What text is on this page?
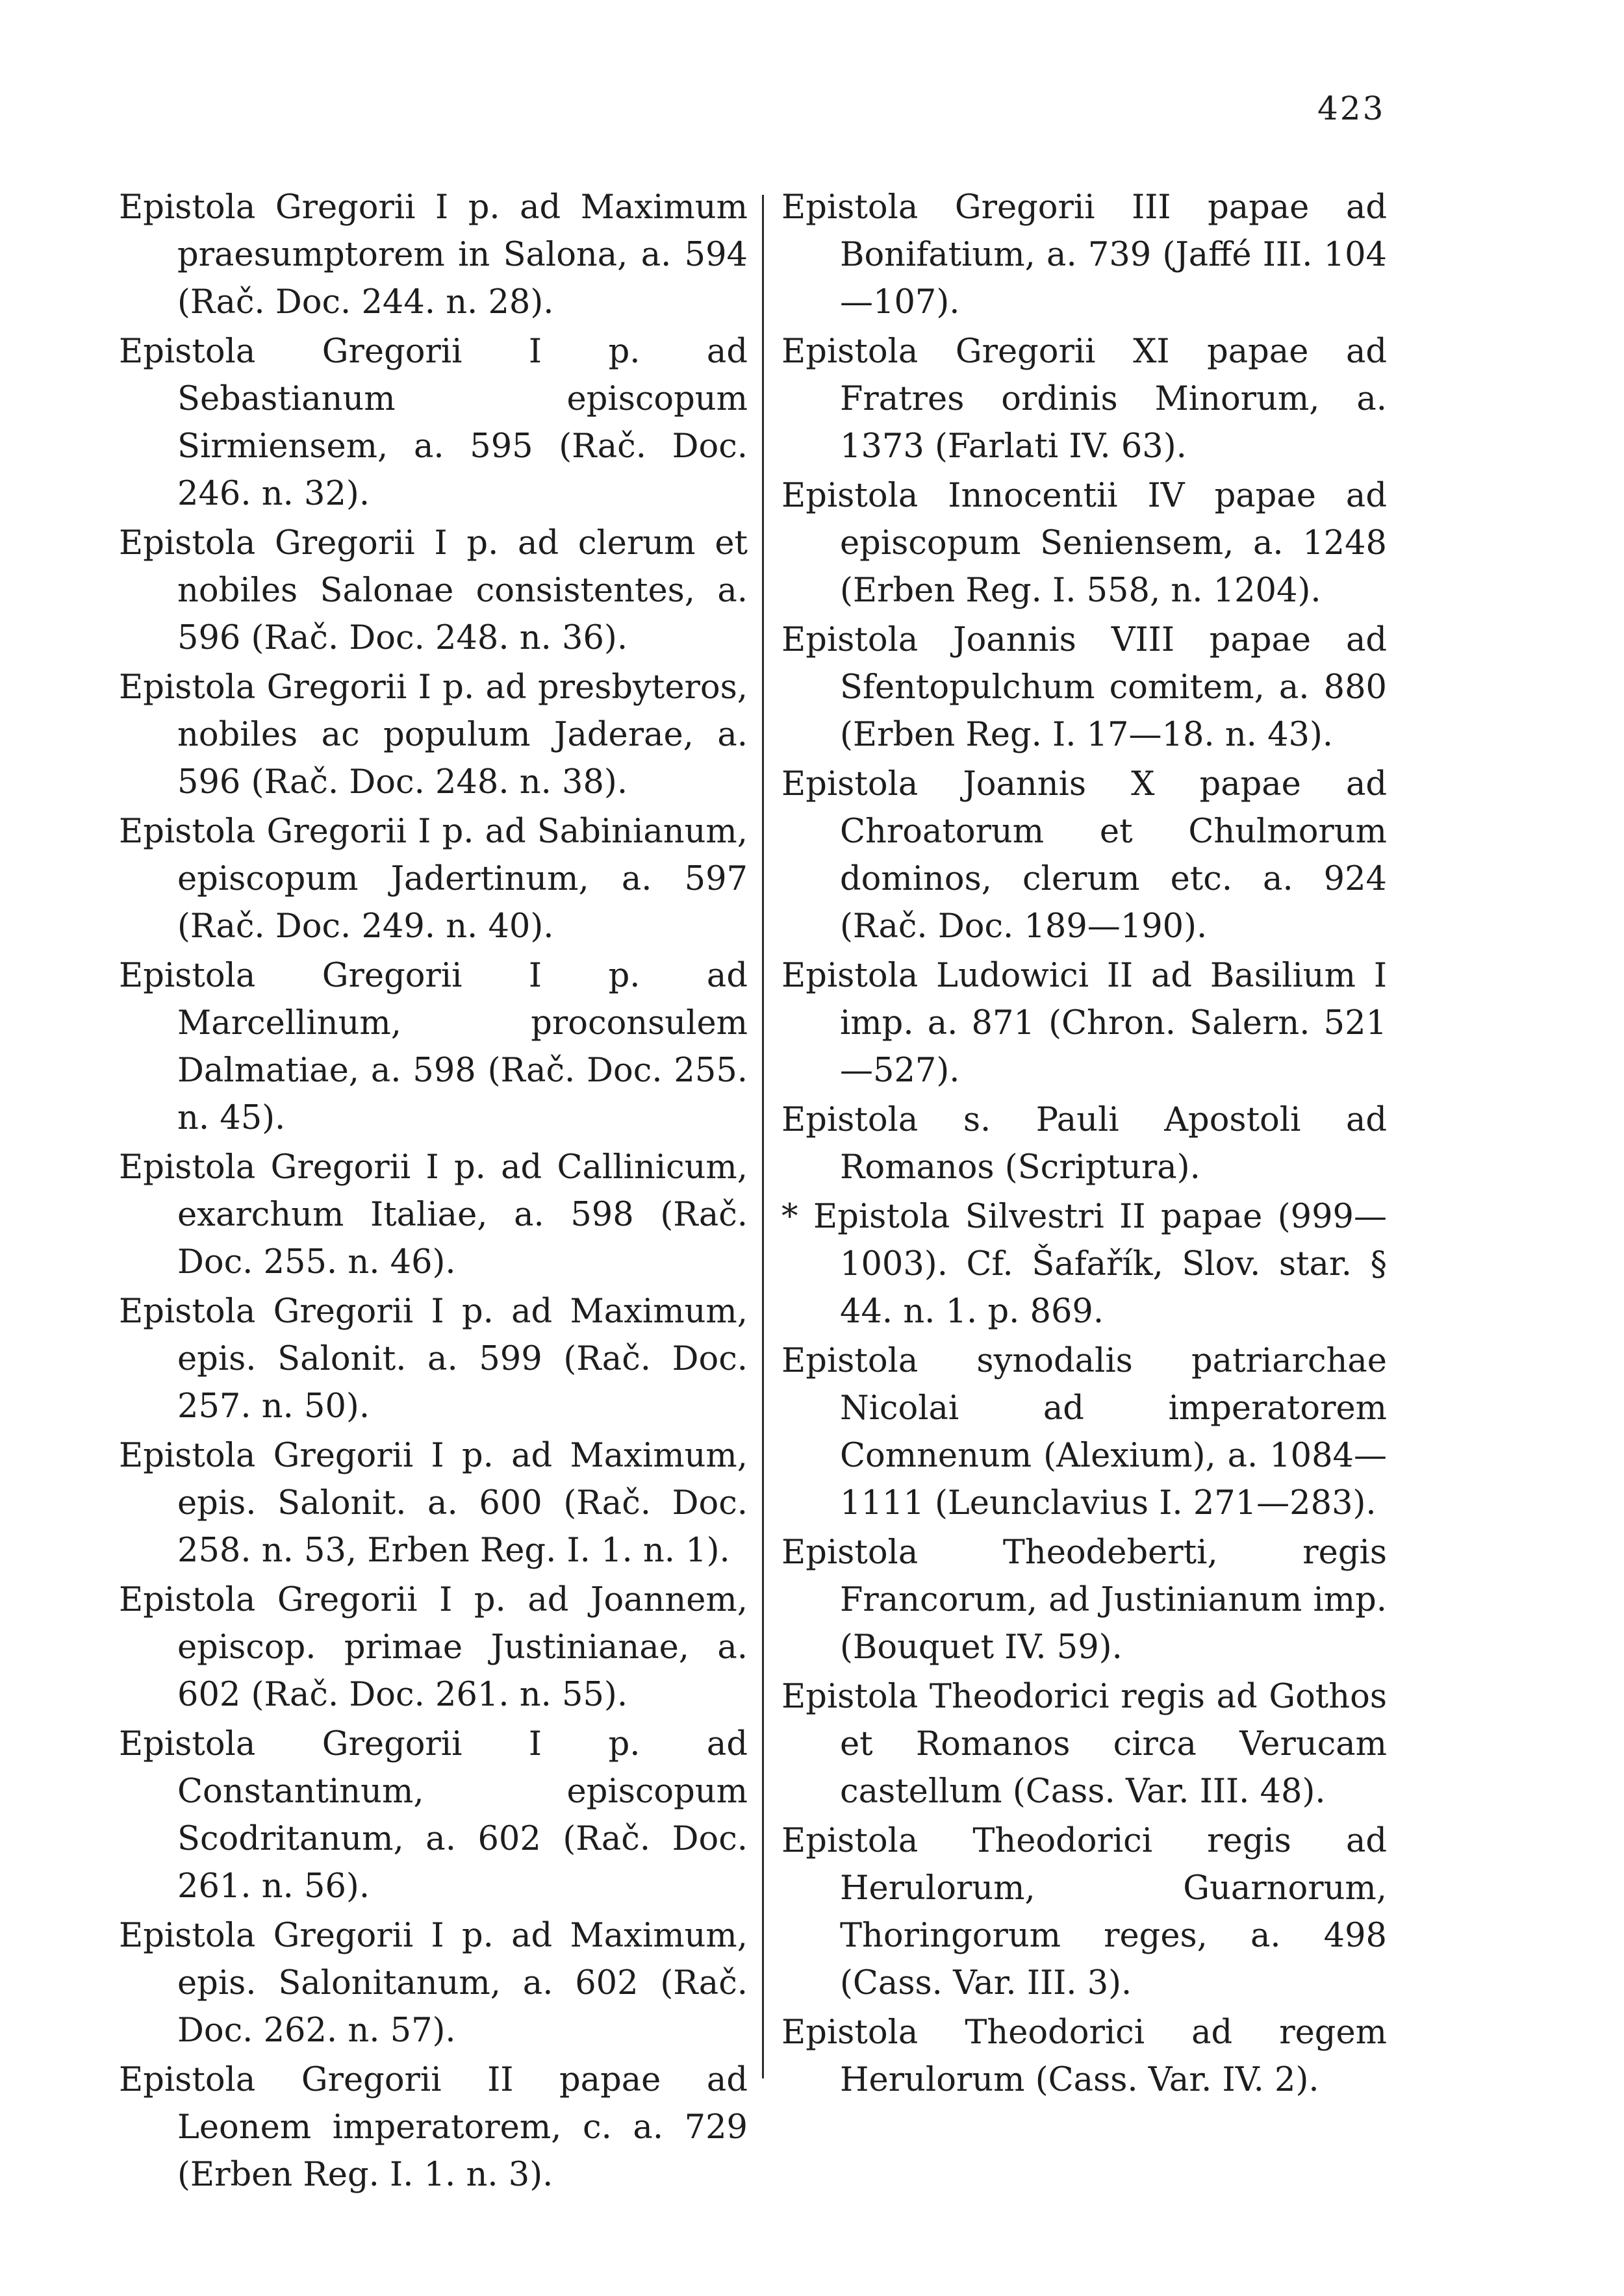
423

Epistola Gregorii I p. ad Maximum praesumptorem in Salona, a. 594 (Rač. Doc. 244. n. 28).

Epistola Gregorii I p. ad Sebastianum episcopum Sirmiensem, a. 595 (Rač. Doc. 246. n. 32).

Epistola Gregorii I p. ad clerum et nobiles Salonae consistentes, a. 596 (Rač. Doc. 248. n. 36).

Epistola Gregorii I p. ad presbyteros, nobiles ac populum Jaderae, a. 596 (Rač. Doc. 248. n. 38).

Epistola Gregorii I p. ad Sabinianum, episcopum Jadertinum, a. 597 (Rač. Doc. 249. n. 40).

Epistola Gregorii I p. ad Marcellinum, proconsulem Dalmatiae, a. 598 (Rač. Doc. 255. n. 45).

Epistola Gregorii I p. ad Callinicum, exarchum Italiae, a. 598 (Rač. Doc. 255. n. 46).

Epistola Gregorii I p. ad Maximum, epis. Salonit. a. 599 (Rač. Doc. 257. n. 50).

Epistola Gregorii I p. ad Maximum, epis. Salonit. a. 600 (Rač. Doc. 258. n. 53, Erben Reg. I. 1. n. 1).

Epistola Gregorii I p. ad Joannem, episcop. primae Justinianae, a. 602 (Rač. Doc. 261. n. 55).

Epistola Gregorii I p. ad Constantinum, episcopum Scodritanum, a. 602 (Rač. Doc. 261. n. 56).

Epistola Gregorii I p. ad Maximum, epis. Salonitanum, a. 602 (Rač. Doc. 262. n. 57).

Epistola Gregorii II papae ad Leonem imperatorem, c. a. 729 (Erben Reg. I. 1. n. 3).

Epistola Gregorii III papae ad Bonifatium, a. 739 (Jaffé III. 104—107).

Epistola Gregorii XI papae ad Fratres ordinis Minorum, a. 1373 (Farlati IV. 63).

Epistola Innocentii IV papae ad episcopum Seniensem, a. 1248 (Erben Reg. I. 558, n. 1204).

Epistola Joannis VIII papae ad Sfentopulchum comitem, a. 880 (Erben Reg. I. 17—18. n. 43).

Epistola Joannis X papae ad Chroatorum et Chulmorum dominos, clerum etc. a. 924 (Rač. Doc. 189—190).

Epistola Ludowici II ad Basilium I imp. a. 871 (Chron. Salern. 521—527).

Epistola s. Pauli Apostoli ad Romanos (Scriptura).

* Epistola Silvestri II papae (999—1003). Cf. Šafařík, Slov. star. § 44. n. 1. p. 869.

Epistola synodalis patriarchae Nicolai ad imperatorem Comnenum (Alexium), a. 1084—1111 (Leunclavius I. 271—283).

Epistola Theodeberti, regis Francorum, ad Justinianum imp. (Bouquet IV. 59).

Epistola Theodorici regis ad Gothos et Romanos circa Verucam castellum (Cass. Var. III. 48).

Epistola Theodorici regis ad Herulorum, Guarnorum, Thoringorum reges, a. 498 (Cass. Var. III. 3).

Epistola Theodorici ad regem Herulorum (Cass. Var. IV. 2).
